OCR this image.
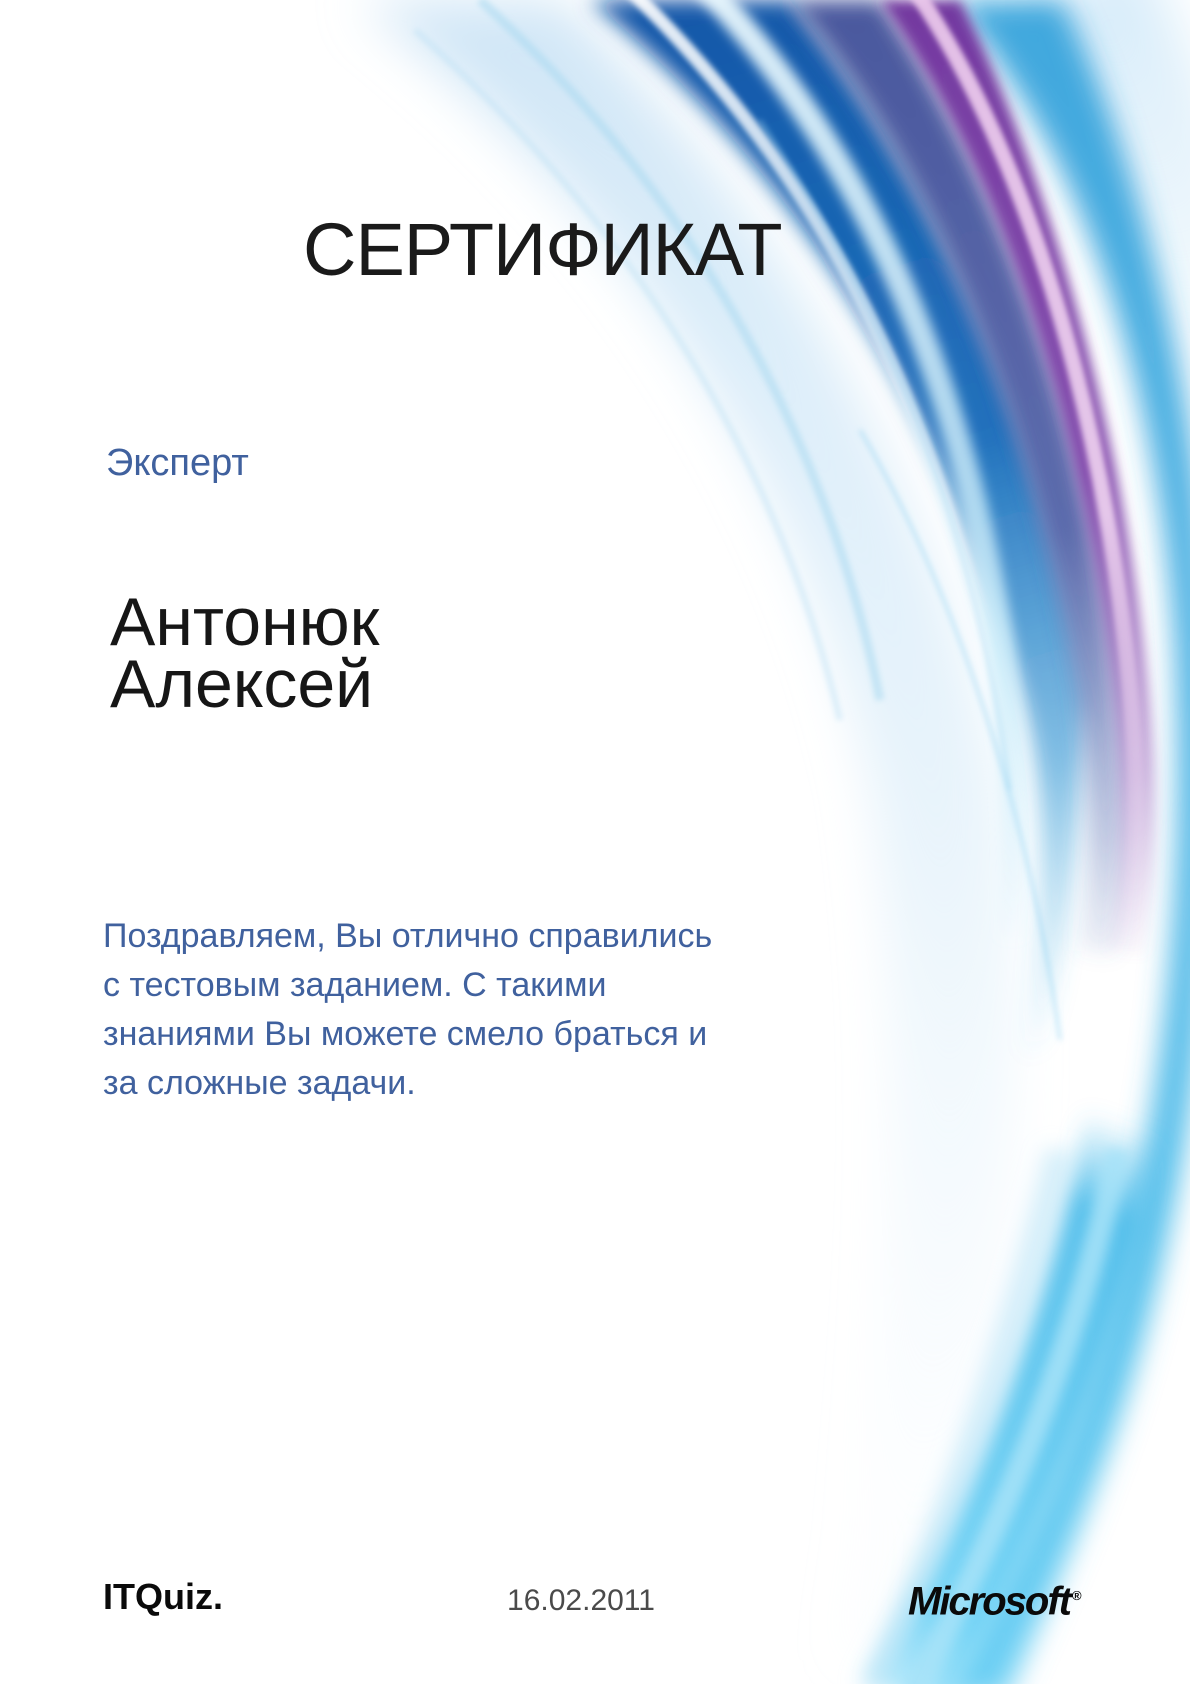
СЕРТИФИКАТ
Эксперт
Антонюк
Алексей
Поздравляем, Вы отлично справились
с тестовым заданием. С такими
знаниями Вы можете смело браться и
за сложные задачи.
ITQuiz.	16.02.2011	Microsoft ®
